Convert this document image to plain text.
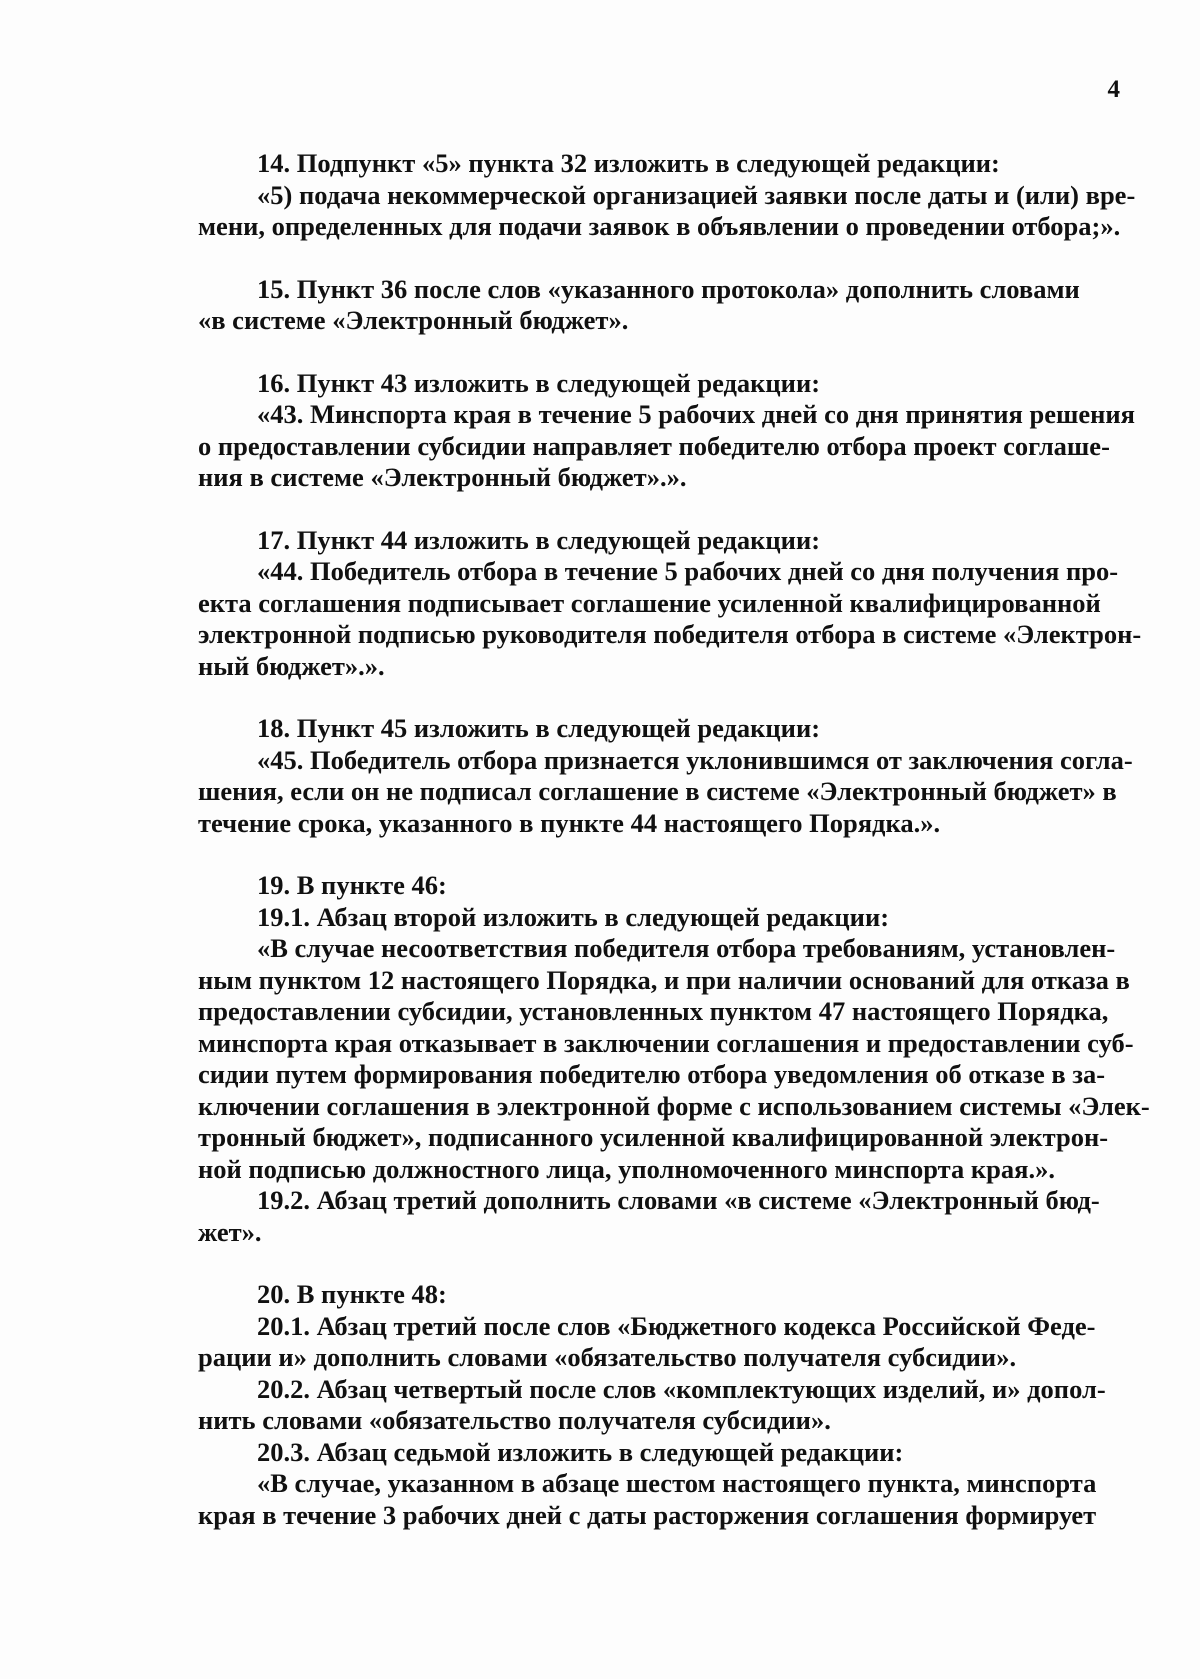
4
14. Подпункт «5» пункта 32 изложить в следующей редакции:
«5) подача некоммерческой организацией заявки после даты и (или) вре-
мени, определенных для подачи заявок в объявлении о проведении отбора;».
15. Пункт 36 после слов «указанного протокола» дополнить словами
«в системе «Электронный бюджет».
16. Пункт 43 изложить в следующей редакции:
«43. Минспорта края в течение 5 рабочих дней со дня принятия решения
о предоставлении субсидии направляет победителю отбора проект соглаше-
ния в системе «Электронный бюджет».».
17. Пункт 44 изложить в следующей редакции:
«44. Победитель отбора в течение 5 рабочих дней со дня получения про-
екта соглашения подписывает соглашение усиленной квалифицированной
электронной подписью руководителя победителя отбора в системе «Электрон-
ный бюджет».».
18. Пункт 45 изложить в следующей редакции:
«45. Победитель отбора признается уклонившимся от заключения согла-
шения, если он не подписал соглашение в системе «Электронный бюджет» в
течение срока, указанного в пункте 44 настоящего Порядка.».
19. В пункте 46:
19.1. Абзац второй изложить в следующей редакции:
«В случае несоответствия победителя отбора требованиям, установлен-
ным пунктом 12 настоящего Порядка, и при наличии оснований для отказа в
предоставлении субсидии, установленных пунктом 47 настоящего Порядка,
минспорта края отказывает в заключении соглашения и предоставлении суб-
сидии путем формирования победителю отбора уведомления об отказе в за-
ключении соглашения в электронной форме с использованием системы «Элек-
тронный бюджет», подписанного усиленной квалифицированной электрон-
ной подписью должностного лица, уполномоченного минспорта края.».
19.2. Абзац третий дополнить словами «в системе «Электронный бюд-
жет».
20. В пункте 48:
20.1. Абзац третий после слов «Бюджетного кодекса Российской Феде-
рации и» дополнить словами «обязательство получателя субсидии».
20.2. Абзац четвертый после слов «комплектующих изделий, и» допол-
нить словами «обязательство получателя субсидии».
20.3. Абзац седьмой изложить в следующей редакции:
«В случае, указанном в абзаце шестом настоящего пункта, минспорта
края в течение 3 рабочих дней с даты расторжения соглашения формирует
